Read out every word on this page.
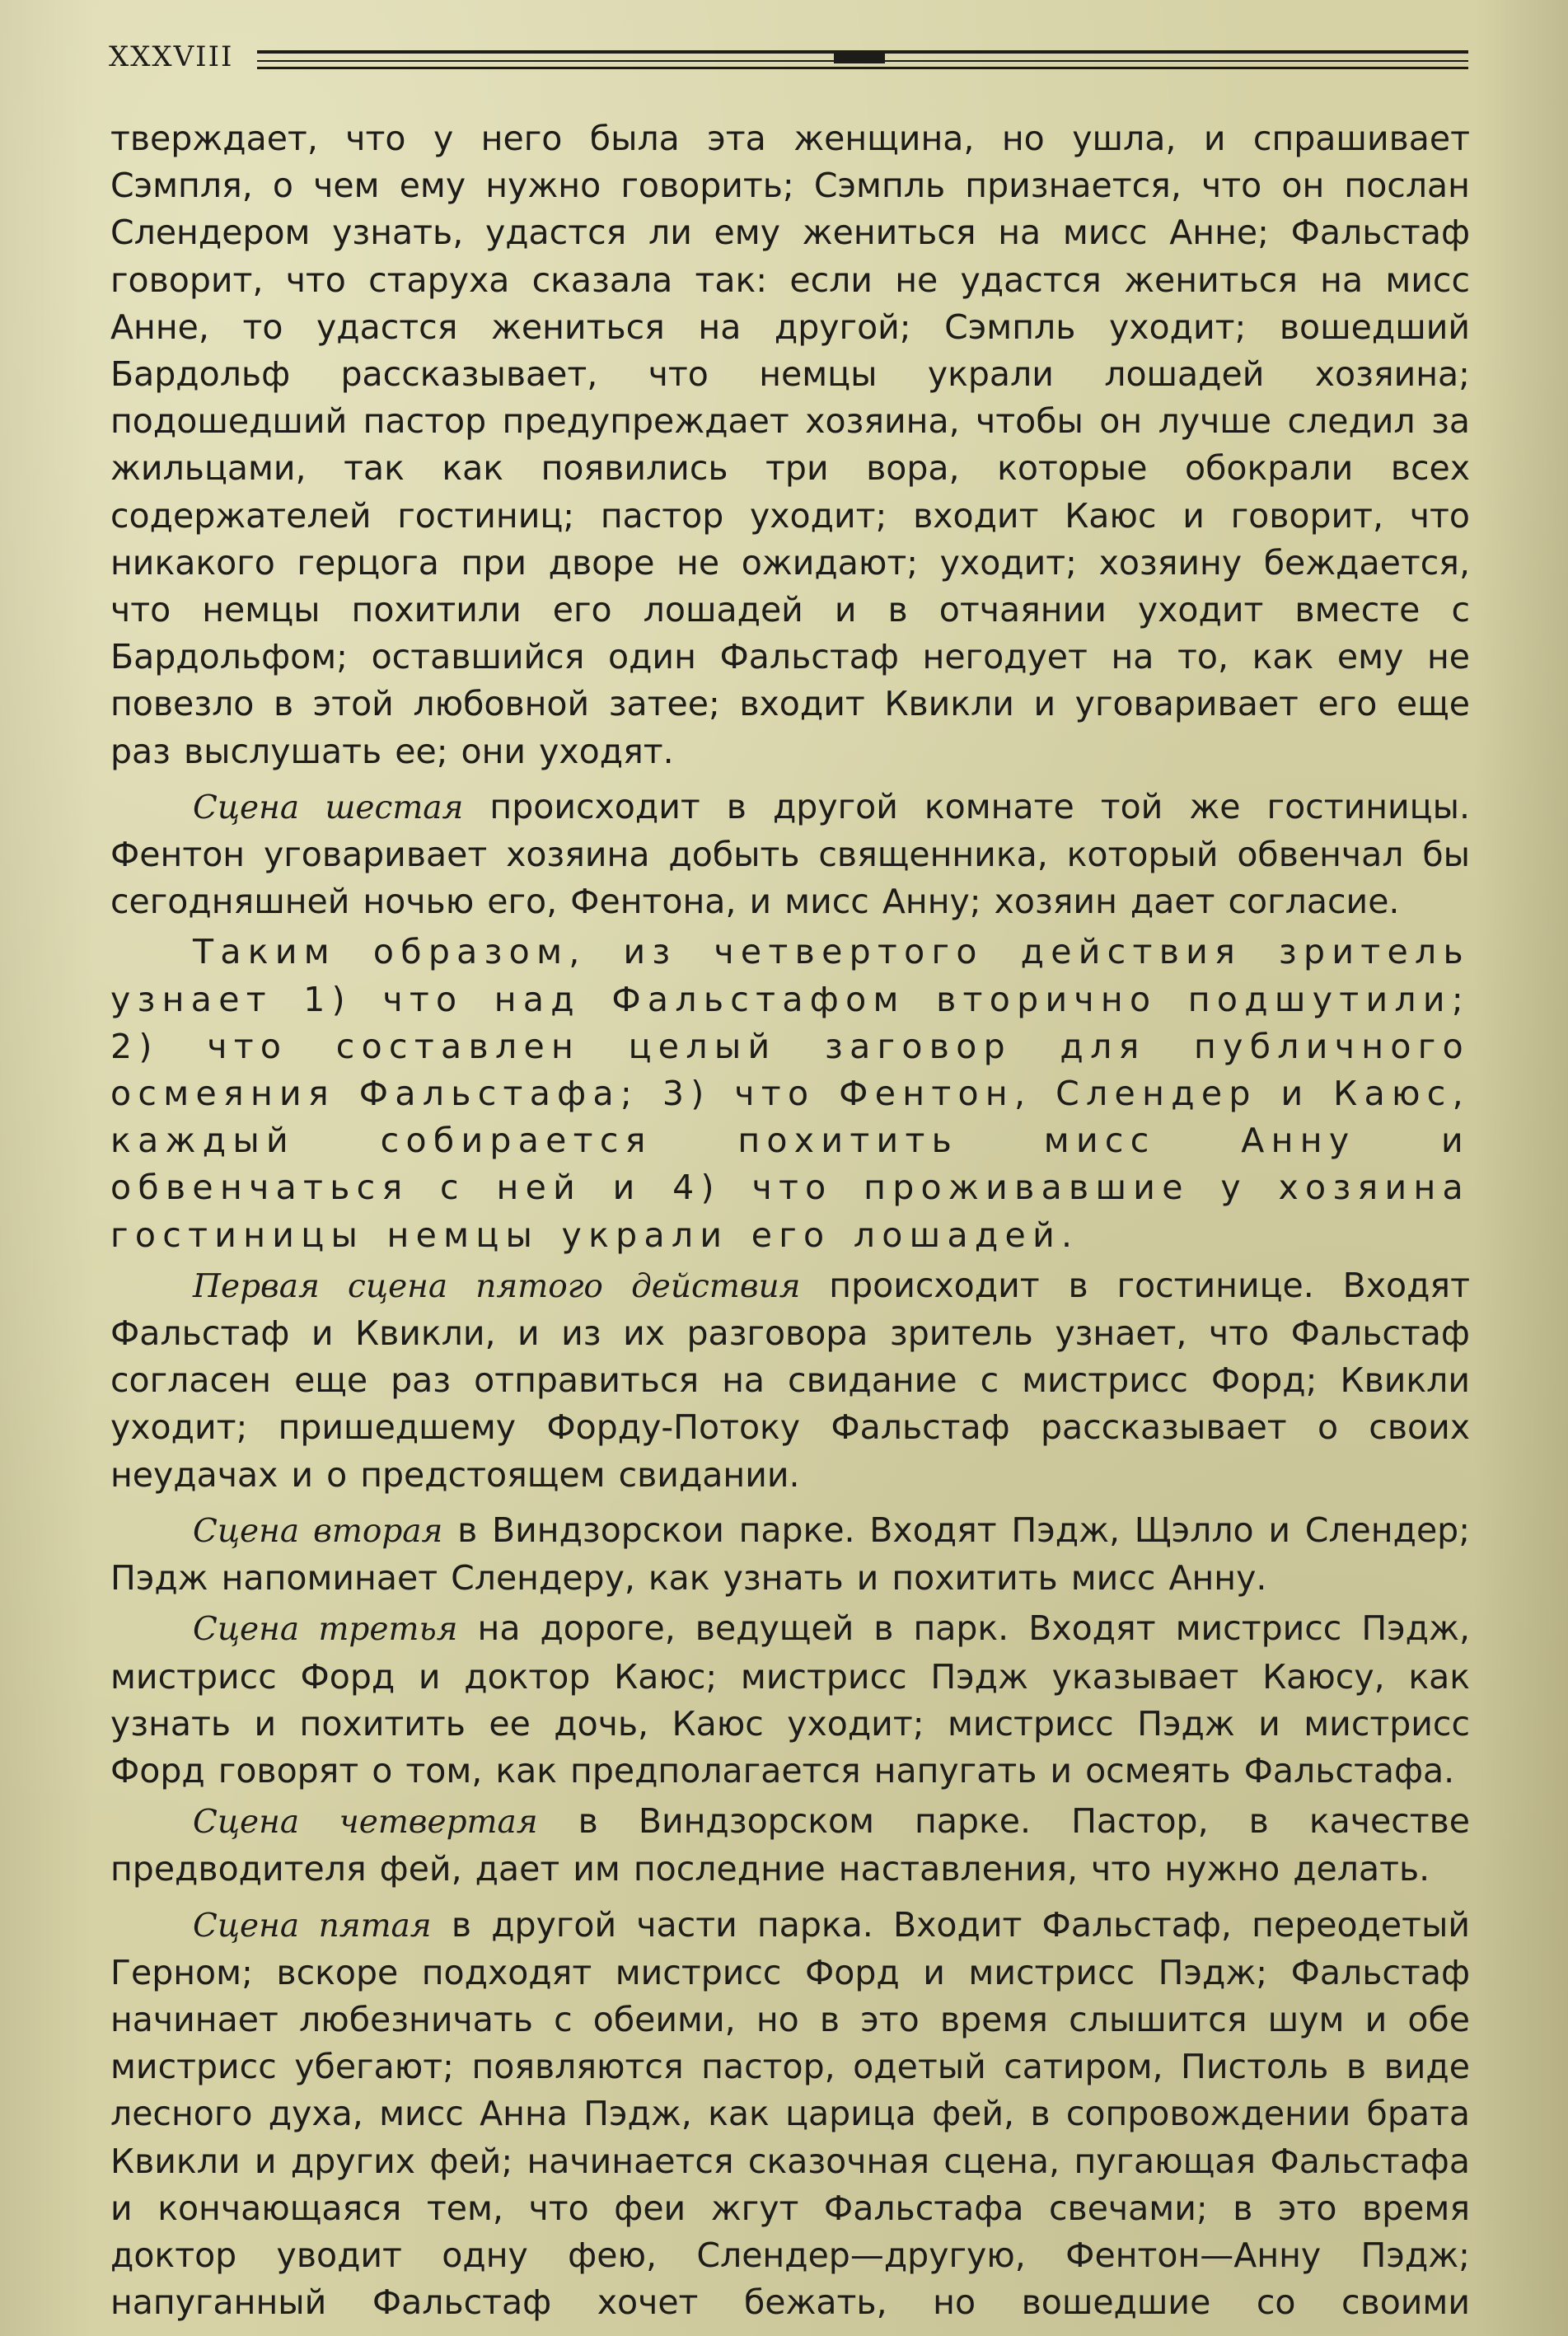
XXXVIII

тверждает, что у него была эта женщина, но ушла, и спрашивает Сэмпля, о чем ему нужно говорить; Сэмпль признается, что он послан Слендером узнать, удастся ли ему жениться на мисс Анне; Фальстаф говорит, что старуха сказала так: если не удастся жениться на мисс Анне, то удастся жениться на другой; Сэмпль уходит; вошедший Бардольф рассказывает, что немцы украли лошадей хозяина; подошедший пастор предупреждает хозяина, чтобы он лучше следил за жильцами, так как появились три вора, которые обокрали всех содержателей гостиниц; пастор уходит; входит Каюс и говорит, что никакого герцога при дворе не ожидают; уходит; хозяину беждается, что немцы похитили его лошадей и в отчаянии уходит вместе с Бардольфом; оставшийся один Фальстаф негодует на то, как ему не повезло в этой любовной затее; входит Квикли и уговаривает его еще раз выслушать ее; они уходят.

Сцена шестая происходит в другой комнате той же гостиницы. Фентон уговаривает хозяина добыть священника, который обвенчал бы сегодняшней ночью его, Фентона, и мисс Анну; хозяин дает согласие.

Таким образом, из четвертого действия зритель узнает 1) что над Фальстафом вторично подшутили; 2) что составлен целый заговор для публичного осмеяния Фальстафа; 3) что Фентон, Слендер и Каюс, каждый собирается похитить мисс Анну и обвенчаться с ней и 4) что проживавшие у хозяина гостиницы немцы украли его лошадей.

Первая сцена пятого действия происходит в гостинице. Входят Фальстаф и Квикли, и из их разговора зритель узнает, что Фальстаф согласен еще раз отправиться на свидание с мистрисс Форд; Квикли уходит; пришедшему Форду-Потоку Фальстаф рассказывает о своих неудачах и о предстоящем свидании.

Сцена вторая в Виндзорскои парке. Входят Пэдж, Щэлло и Слендер; Пэдж напоминает Слендеру, как узнать и похитить мисс Анну.

Сцена третья на дороге, ведущей в парк. Входят мистрисс Пэдж, мистрисс Форд и доктор Каюс; мистрисс Пэдж указывает Каюсу, как узнать и похитить ее дочь, Каюс уходит; мистрисс Пэдж и мистрисс Форд говорят о том, как предполагается напугать и осмеять Фальстафа.

Сцена четвертая в Виндзорском парке. Пастор, в качестве предводителя фей, дает им последние наставления, что нужно делать.

Сцена пятая в другой части парка. Входит Фальстаф, переодетый Герном; вскоре подходят мистрисс Форд и мистрисс Пэдж; Фальстаф начинает любезничать с обеими, но в это время слышится шум и обе мистрисс убегают; появляются пастор, одетый сатиром, Пистоль в виде лесного духа, мисс Анна Пэдж, как царица фей, в сопровождении брата Квикли и других фей; начинается сказочная сцена, пугающая Фальстафа и кончающаяся тем, что феи жгут Фальстафа свечами; в это время доктор уводит одну фею, Слендер—другую, Фентон—Анну Пэдж; напуганный Фальстаф хочет бежать, но вошедшие со своими
